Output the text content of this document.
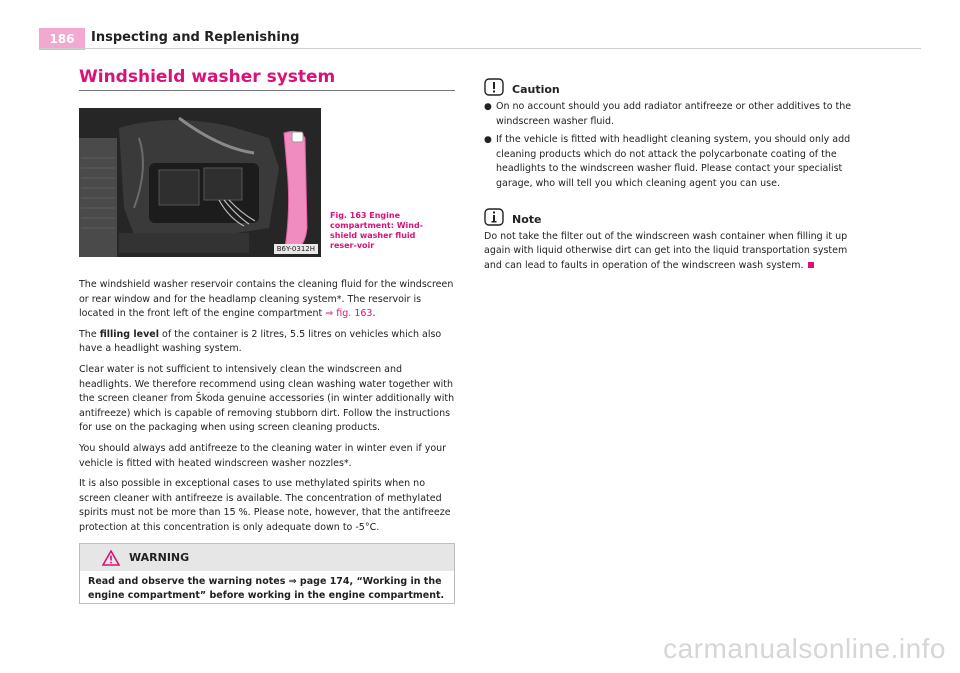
186	Inspecting and Replenishing
Windshield washer system
B6Y-0312H
Fig. 163 Engine compartment: Wind-shield washer fluid reser-voir

The windshield washer reservoir contains the cleaning fluid for the windscreen or rear window and for the headlamp cleaning system*. The reservoir is located in the front left of the engine compartment ⇒ fig. 163.

The filling level of the container is 2 litres, 5.5 litres on vehicles which also have a headlight washing system.

Clear water is not sufficient to intensively clean the windscreen and headlights. We therefore recommend using clean washing water together with the screen cleaner from Škoda genuine accessories (in winter additionally with antifreeze) which is capable of removing stubborn dirt. Follow the instructions for use on the packaging when using screen cleaning products.

You should always add antifreeze to the cleaning water in winter even if your vehicle is fitted with heated windscreen washer nozzles*.

It is also possible in exceptional cases to use methylated spirits when no screen cleaner with antifreeze is available. The concentration of methylated spirits must not be more than 15 %. Please note, however, that the antifreeze protection at this concentration is only adequate down to -5°C.

WARNING
Read and observe the warning notes ⇒ page 174, “Working in the engine compartment” before working in the engine compartment.
Caution
● On no account should you add radiator antifreeze or other additives to the windscreen washer fluid.
● If the vehicle is fitted with headlight cleaning system, you should only add cleaning products which do not attack the polycarbonate coating of the headlights to the windscreen washer fluid. Please contact your specialist garage, who will tell you which cleaning agent you can use.
Note
Do not take the filter out of the windscreen wash container when filling it up again with liquid otherwise dirt can get into the liquid transportation system and can lead to faults in operation of the windscreen wash system.
carmanualsonline.info
